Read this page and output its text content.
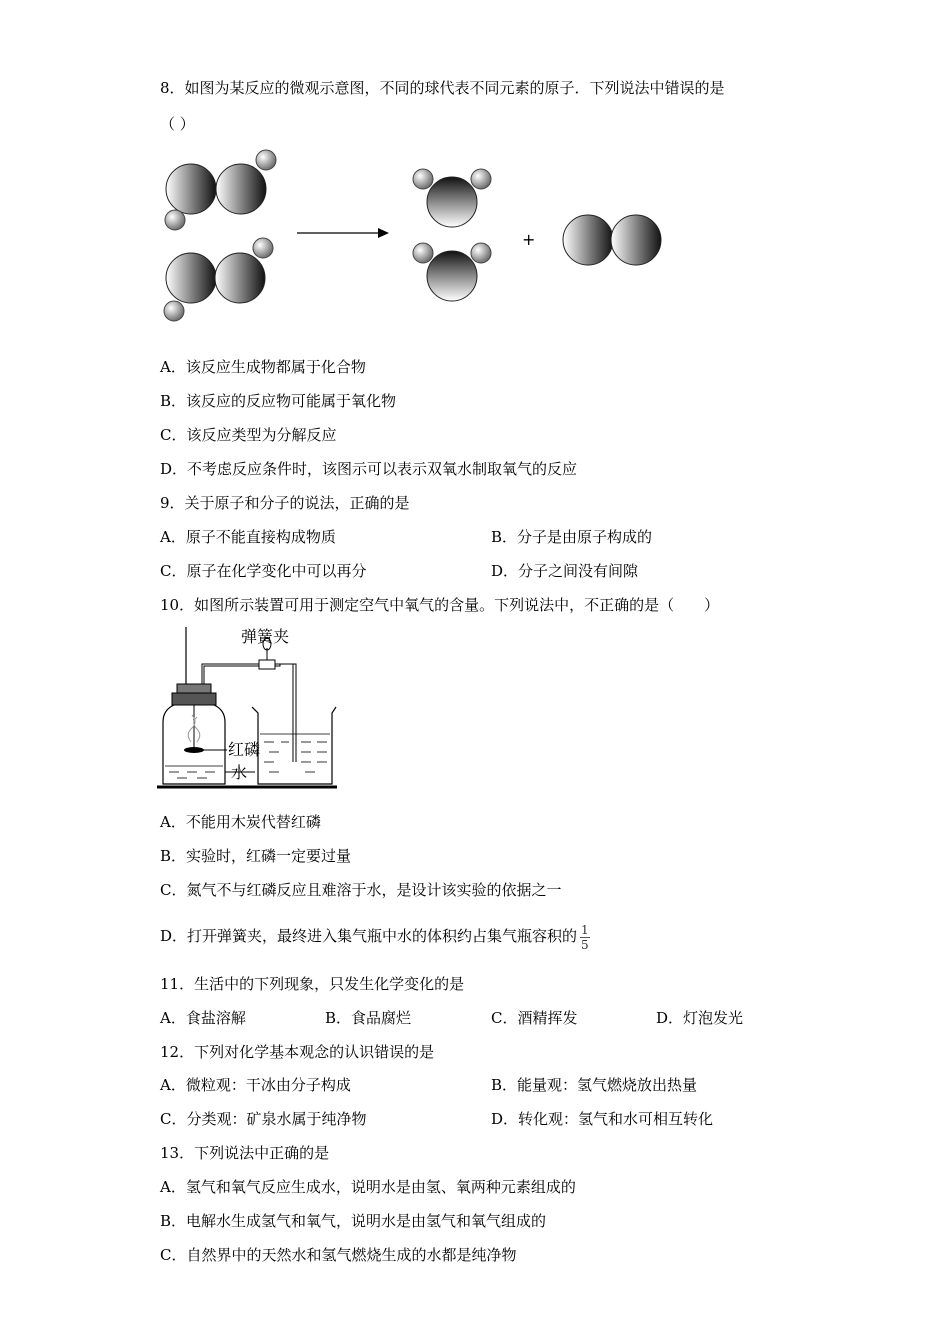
8．如图为某反应的微观示意图，不同的球代表不同元素的原子．下列说法中错误的是
（ ）
+
A．该反应生成物都属于化合物
B．该反应的反应物可能属于氧化物
C．该反应类型为分解反应
D．不考虑反应条件时，该图示可以表示双氧水制取氧气的反应
9．关于原子和分子的说法，正确的是
A．原子不能直接构成物质	B．分子是由原子构成的
C．原子在化学变化中可以再分	D．分子之间没有间隙
10．如图所示装置可用于测定空气中氧气的含量。下列说法中，不正确的是（　　）
弹簧夹
红磷
水
A．不能用木炭代替红磷
B．实验时，红磷一定要过量
C．氮气不与红磷反应且难溶于水，是设计该实验的依据之一
D．打开弹簧夹，最终进入集气瓶中水的体积约占集气瓶容积的 $\frac{1}{5}$
11．生活中的下列现象，只发生化学变化的是
A．食盐溶解	B．食品腐烂	C．酒精挥发	D．灯泡发光
12．下列对化学基本观念的认识错误的是
A．微粒观：干冰由分子构成	B．能量观：氢气燃烧放出热量
C．分类观：矿泉水属于纯净物	D．转化观：氢气和水可相互转化
13．下列说法中正确的是
A．氢气和氧气反应生成水，说明水是由氢、氧两种元素组成的
B．电解水生成氢气和氧气，说明水是由氢气和氧气组成的
C．自然界中的天然水和氢气燃烧生成的水都是纯净物
